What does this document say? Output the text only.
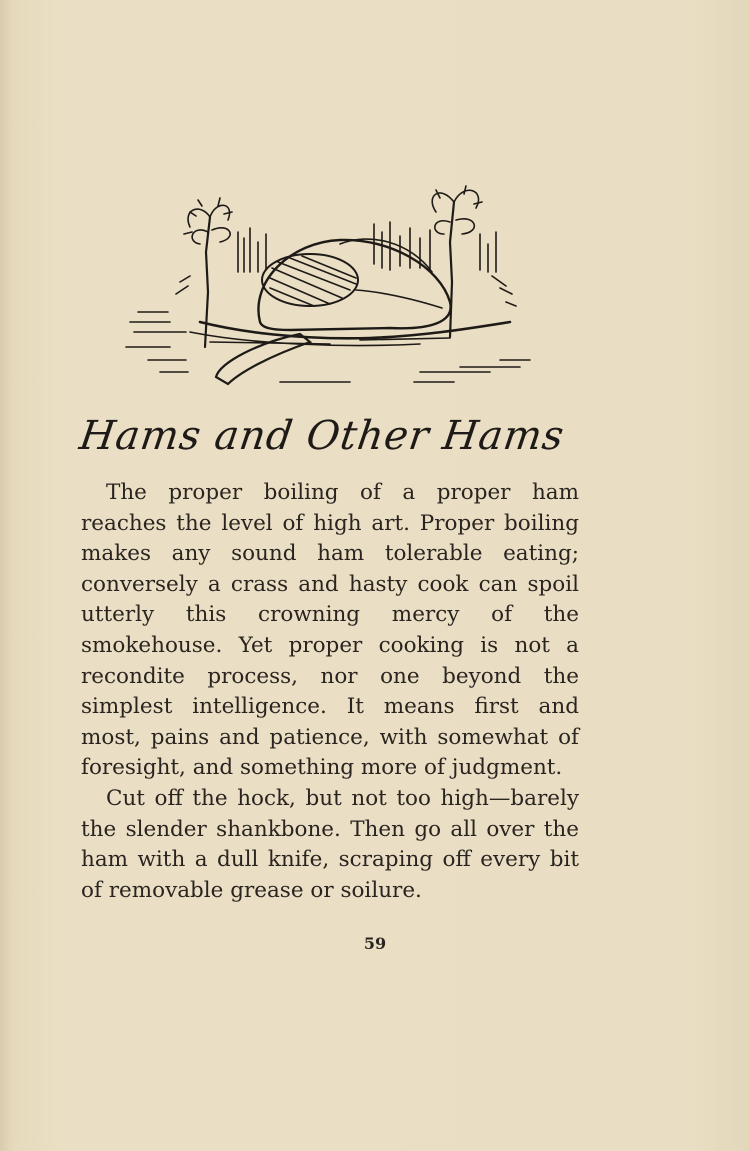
Hams and Other Hams

The proper boiling of a proper ham reaches the level of high art. Proper boiling makes any sound ham tolerable eating; conversely a crass and hasty cook can spoil utterly this crowning mercy of the smokehouse. Yet proper cooking is not a recondite process, nor one beyond the simplest intelligence. It means first and most, pains and patience, with somewhat of foresight, and something more of judgment.

Cut off the hock, but not too high—barely the slender shankbone. Then go all over the ham with a dull knife, scraping off every bit of removable grease or soilure.

59
